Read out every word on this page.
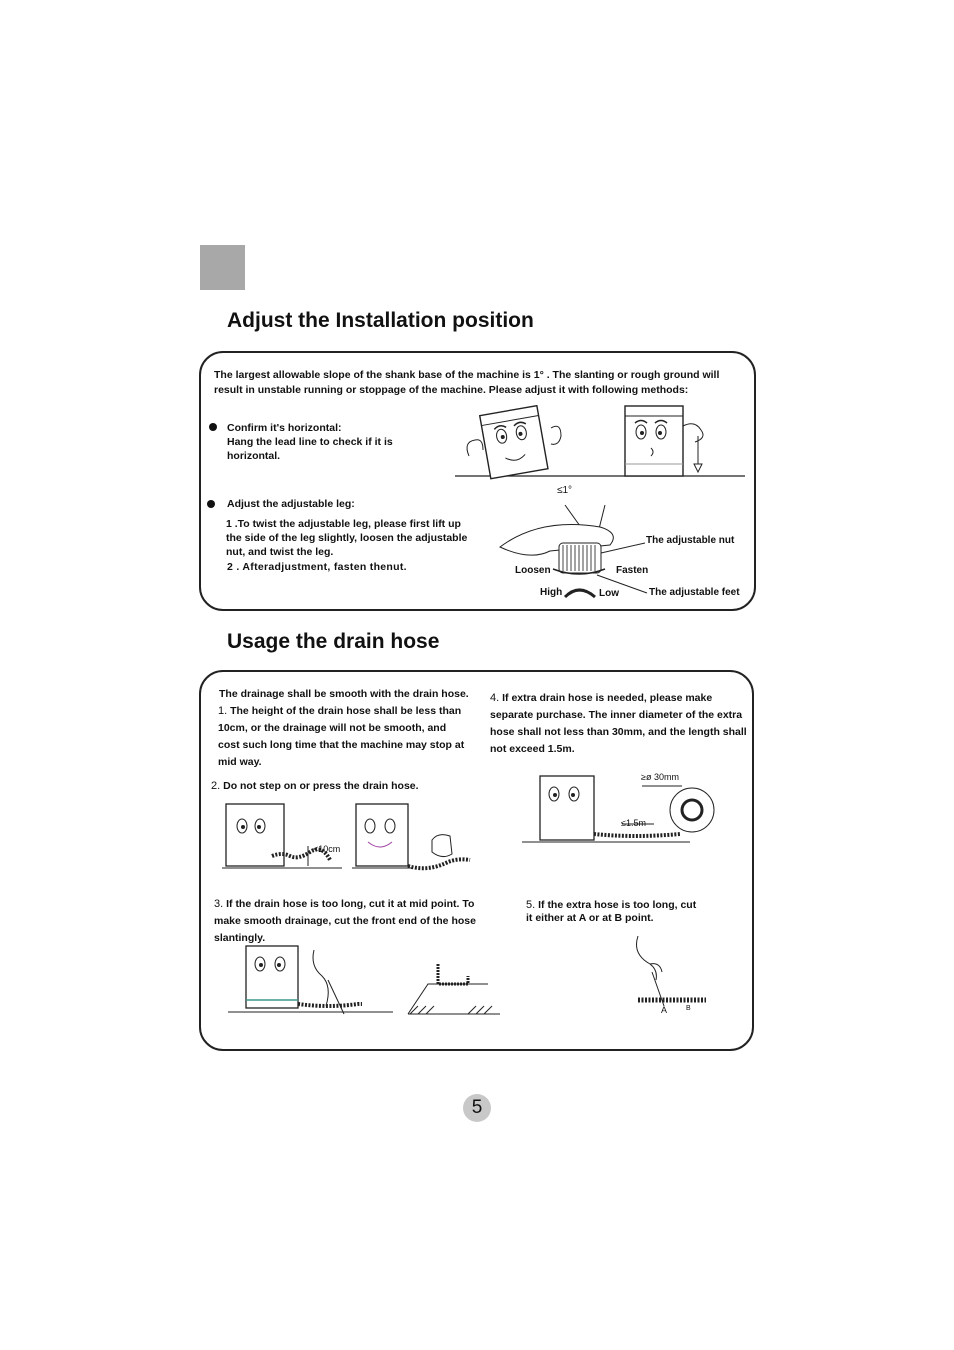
Adjust the Installation position
The largest allowable slope of the shank base of the machine is 1° . The slanting or rough ground will result in unstable running or stoppage of the machine. Please adjust it with following methods:
Confirm it's horizontal:
Hang the lead line to check if it is horizontal.
≤1°
Adjust the adjustable leg:
1 .To twist the adjustable leg, please first lift up the side of the leg slightly, loosen the adjustable nut, and twist the leg.
2 . Afteradjustment, fasten thenut.
The adjustable nut
Loosen	Fasten
High	Low	The adjustable feet
Usage the drain hose
The drainage shall be smooth with the drain hose.
1. The height of the drain hose shall be less than 10cm, or the drainage will not be smooth, and cost such long time that the machine may stop at mid way.
2. Do not step on or press the drain hose.
<10cm
3. If the drain hose is too long, cut it at mid point. To make smooth drainage, cut the front end of the hose slantingly.
4. If extra drain hose is needed, please make separate purchase. The inner diameter of the extra hose shall not less than 30mm, and the length shall not exceed 1.5m.
≥ø 30mm
≤1.5m
5. If the extra hose is too long, cut it either at A or at B point.
A	B
5
